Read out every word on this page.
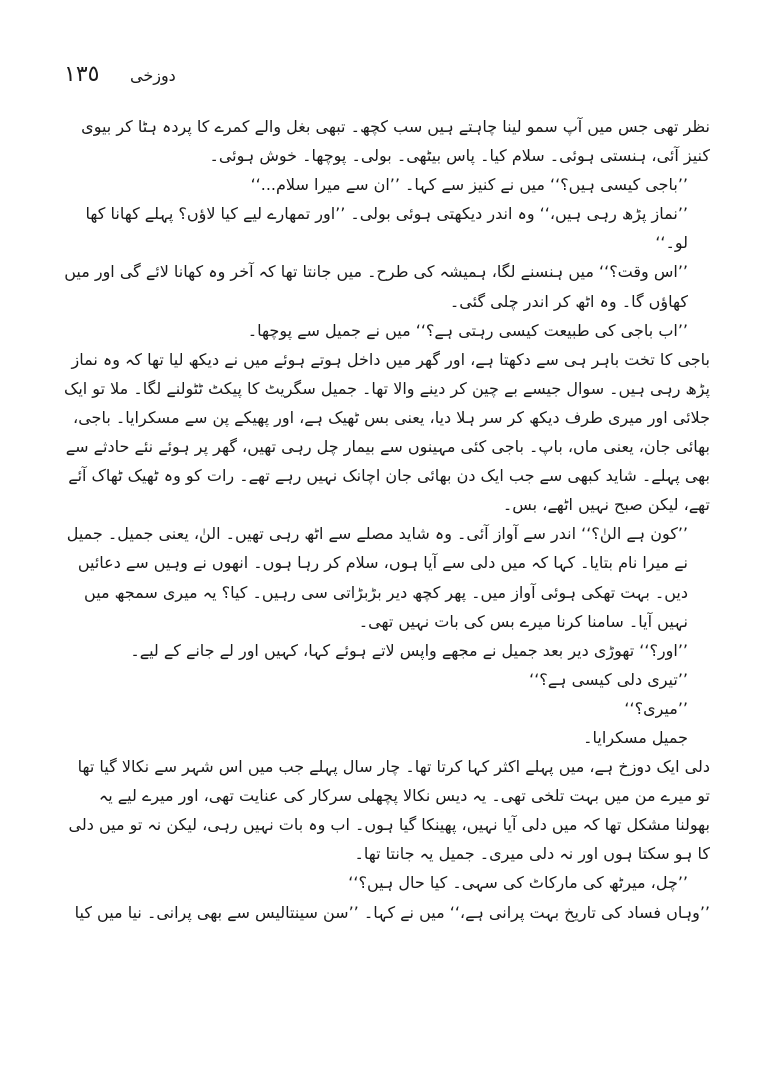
١٣٥ دوزخی

نظر تھی جس میں آپ سمو لینا چاہتے ہیں سب کچھ۔ تبھی بغل والے کمرے کا پردہ ہٹا کر بیوی کنیز آئی، ہنستی ہوئی۔ سلام کیا۔ پاس بیٹھی۔ بولی۔ پوچھا۔ خوش ہوئی۔

’’باجی کیسی ہیں؟‘‘ میں نے کنیز سے کہا۔ ’’ان سے میرا سلام...‘‘

’’نماز پڑھ رہی ہیں،‘‘ وہ اندر دیکھتی ہوئی بولی۔ ’’اور تمھارے لیے کیا لاؤں؟ پہلے کھانا کھا لو۔‘‘

’’اس وقت؟‘‘ میں ہنسنے لگا، ہمیشہ کی طرح۔ میں جانتا تھا کہ آخر وہ کھانا لائے گی اور میں کھاؤں گا۔ وہ اٹھ کر اندر چلی گئی۔

’’اب باجی کی طبیعت کیسی رہتی ہے؟‘‘ میں نے جمیل سے پوچھا۔

باجی کا تخت باہر ہی سے دکھتا ہے، اور گھر میں داخل ہوتے ہوئے میں نے دیکھ لیا تھا کہ وہ نماز پڑھ رہی ہیں۔ سوال جیسے بے چین کر دینے والا تھا۔ جمیل سگریٹ کا پیکٹ ٹٹولنے لگا۔ ملا تو ایک جلائی اور میری طرف دیکھ کر سر ہلا دیا، یعنی بس ٹھیک ہے، اور پھیکے پن سے مسکرایا۔ باجی، بھائی جان، یعنی ماں، باپ۔ باجی کئی مہینوں سے بیمار چل رہی تھیں، گھر پر ہوئے نئے حادثے سے بھی پہلے۔ شاید کبھی سے جب ایک دن بھائی جان اچانک نہیں رہے تھے۔ رات کو وہ ٹھیک ٹھاک آئے تھے، لیکن صبح نہیں اٹھے، بس۔

’’کون ہے النٰ؟‘‘ اندر سے آواز آئی۔ وہ شاید مصلے سے اٹھ رہی تھیں۔ النٰ، یعنی جمیل۔ جمیل نے میرا نام بتایا۔ کہا کہ میں دلی سے آیا ہوں، سلام کر رہا ہوں۔ انھوں نے وہیں سے دعائیں دیں۔ بہت تھکی ہوئی آواز میں۔ پھر کچھ دیر بڑبڑاتی سی رہیں۔ کیا؟ یہ میری سمجھ میں نہیں آیا۔ سامنا کرنا میرے بس کی بات نہیں تھی۔

’’اور؟‘‘ تھوڑی دیر بعد جمیل نے مجھے واپس لاتے ہوئے کہا، کہیں اور لے جانے کے لیے۔

’’تیری دلی کیسی ہے؟‘‘

’’میری؟‘‘

جمیل مسکرایا۔

دلی ایک دوزخ ہے، میں پہلے اکثر کہا کرتا تھا۔ چار سال پہلے جب میں اس شہر سے نکالا گیا تھا تو میرے من میں بہت تلخی تھی۔ یہ دیس نکالا پچھلی سرکار کی عنایت تھی، اور میرے لیے یہ بھولنا مشکل تھا کہ میں دلی آیا نہیں، پھینکا گیا ہوں۔ اب وہ بات نہیں رہی، لیکن نہ تو میں دلی کا ہو سکتا ہوں اور نہ دلی میری۔ جمیل یہ جانتا تھا۔

’’چل، میرٹھ کی مارکاٹ کی سہی۔ کیا حال ہیں؟‘‘

’’وہاں فساد کی تاریخ بہت پرانی ہے،‘‘ میں نے کہا۔ ’’سن سینتالیس سے بھی پرانی۔ نیا میں کیا
